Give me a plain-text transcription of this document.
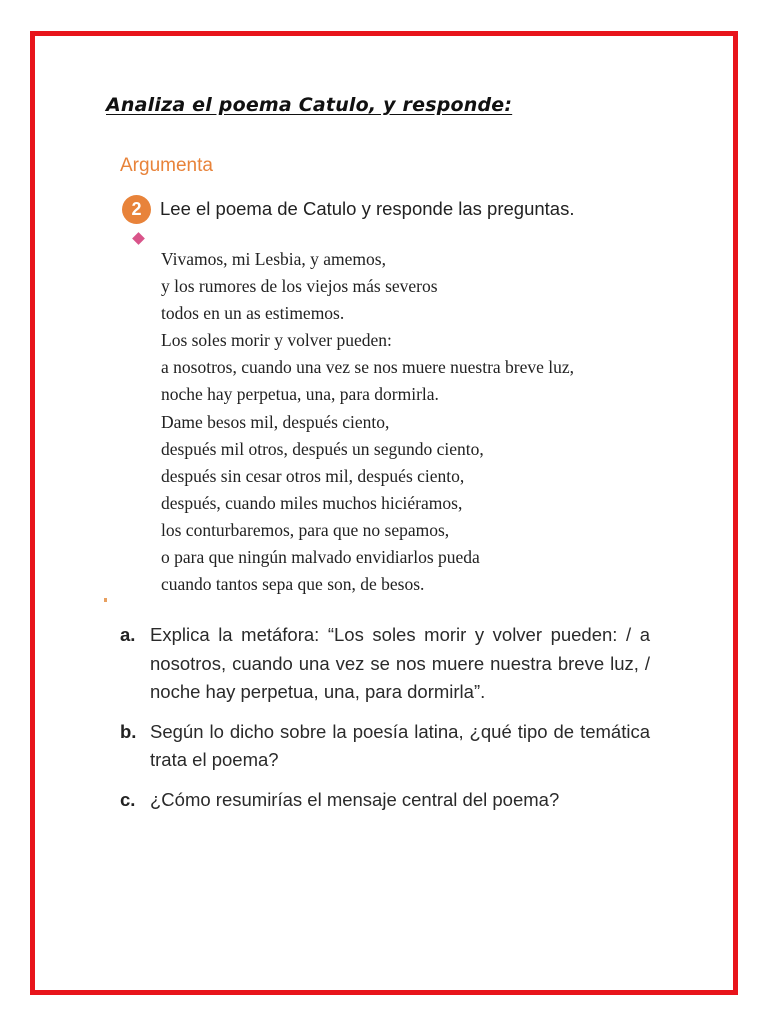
Analiza el poema Catulo, y responde:
Argumenta
2	Lee el poema de Catulo y responde las preguntas.
Vivamos, mi Lesbia, y amemos,
y los rumores de los viejos más severos
todos en un as estimemos.
Los soles morir y volver pueden:
a nosotros, cuando una vez se nos muere nuestra breve luz,
noche hay perpetua, una, para dormirla.
Dame besos mil, después ciento,
después mil otros, después un segundo ciento,
después sin cesar otros mil, después ciento,
después, cuando miles muchos hiciéramos,
los conturbaremos, para que no sepamos,
o para que ningún malvado envidiarlos pueda
cuando tantos sepa que son, de besos.
a. Explica la metáfora: “Los soles morir y volver pueden: / a nosotros, cuando una vez se nos muere nuestra breve luz, / noche hay perpetua, una, para dormirla”.
b. Según lo dicho sobre la poesía latina, ¿qué tipo de temática trata el poema?
c. ¿Cómo resumirías el mensaje central del poema?
